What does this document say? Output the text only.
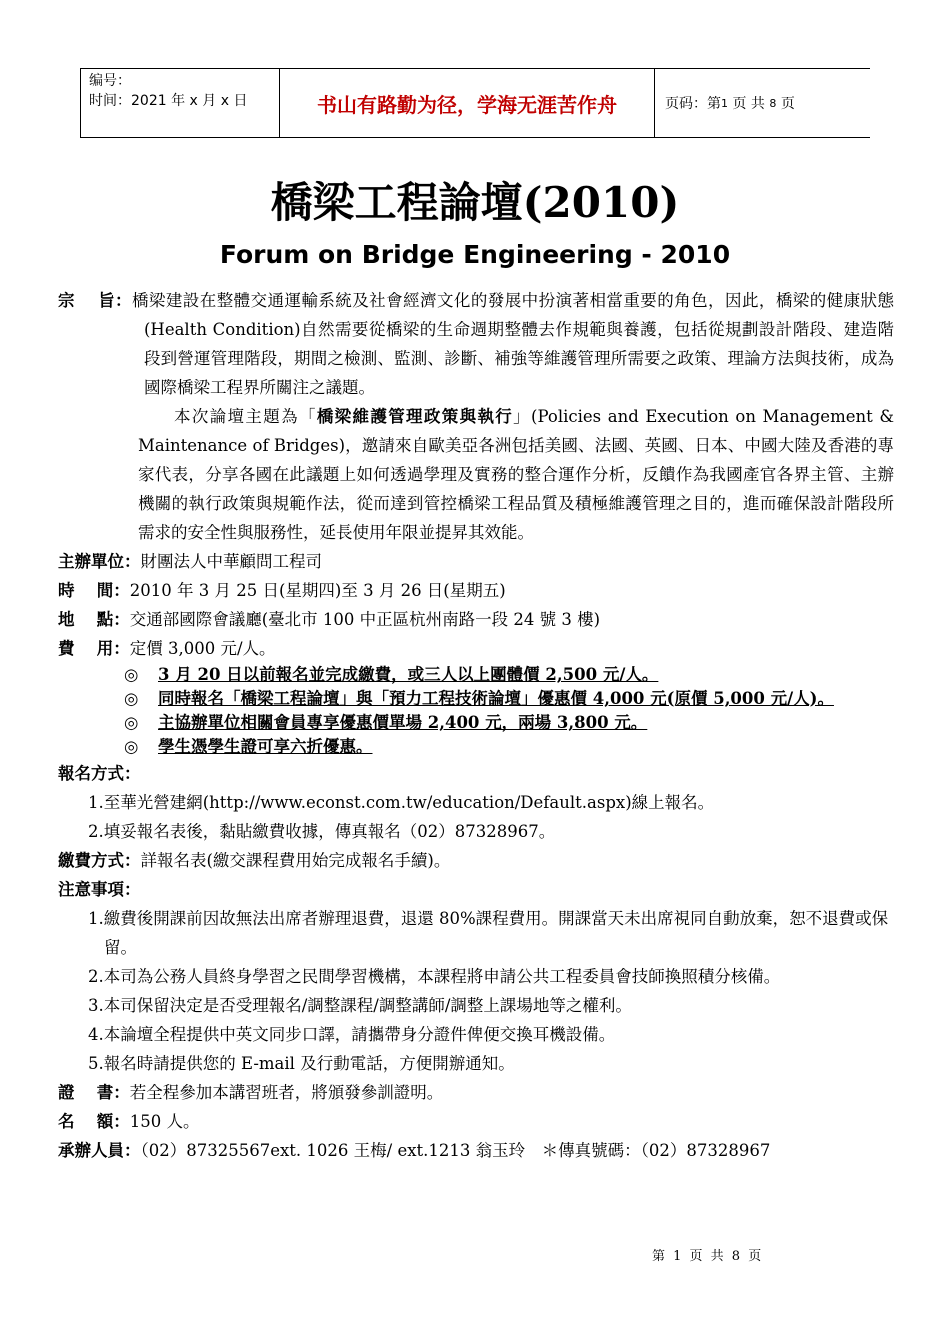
编号：
时间：2021 年 x 月 x 日	书山有路勤为径，学海无涯苦作舟	页码：第 1
页 共
8
页
橋梁工程論壇(2010)
Forum on Bridge Engineering - 2010

宗　 旨：橋梁建設在整體交通運輸系統及社會經濟文化的發展中扮演著相當重要的角色，因此，橋梁的健康狀態(Health Condition)自然需要從橋梁的生命週期整體去作規範與養護，包括從規劃設計階段、建造階段到營運管理階段，期間之檢測、監測、診斷、補強等維護管理所需要之政策、理論方法與技術，成為國際橋梁工程界所關注之議題。

本次論壇主題為「橋梁維護管理政策與執行」(Policies and Execution on Management & Maintenance of Bridges)，邀請來自歐美亞各洲包括美國、法國、英國、日本、中國大陸及香港的專家代表，分享各國在此議題上如何透過學理及實務的整合運作分析，反饋作為我國產官各界主管、主辦機關的執行政策與規範作法，從而達到管控橋梁工程品質及積極維護管理之目的，進而確保設計階段所需求的安全性與服務性，延長使用年限並提昇其效能。

主辦單位：財團法人中華顧問工程司

時　 間：2010 年 3 月 25 日(星期四)至 3 月 26 日(星期五)

地　 點：交通部國際會議廳(臺北市 100 中正區杭州南路一段 24 號 3 樓)

費　 用：定價 3,000 元/人。

◎ 3 月 20 日以前報名並完成繳費，或三人以上團體價 2,500 元/人。
◎ 同時報名「橋梁工程論壇」與「預力工程技術論壇」優惠價 4,000 元(原價 5,000 元/人)。
◎ 主協辦單位相關會員專享優惠價單場 2,400 元，兩場 3,800 元。
◎ 學生憑學生證可享六折優惠。

報名方式：

1.至華光營建網(http://www.econst.com.tw/education/Default.aspx)線上報名。

2.填妥報名表後，黏貼繳費收據，傳真報名（02）87328967。

繳費方式：詳報名表(繳交課程費用始完成報名手續)。

注意事項：

1.繳費後開課前因故無法出席者辦理退費，退還 80%課程費用。開課當天未出席視同自動放棄，恕不退費或保留。

2.本司為公務人員終身學習之民間學習機構，本課程將申請公共工程委員會技師換照積分核備。

3.本司保留決定是否受理報名/調整課程/調整講師/調整上課場地等之權利。

4.本論壇全程提供中英文同步口譯，請攜帶身分證件俾便交換耳機設備。

5.報名時請提供您的 E-mail 及行動電話，方便開辦通知。

證　 書：若全程參加本講習班者，將頒發參訓證明。

名　 額：150 人。

承辦人員：（02）87325567ext. 1026 王梅/ ext.1213 翁玉玲　＊傳真號碼：（02）87328967

第 1 页 共 8 页
